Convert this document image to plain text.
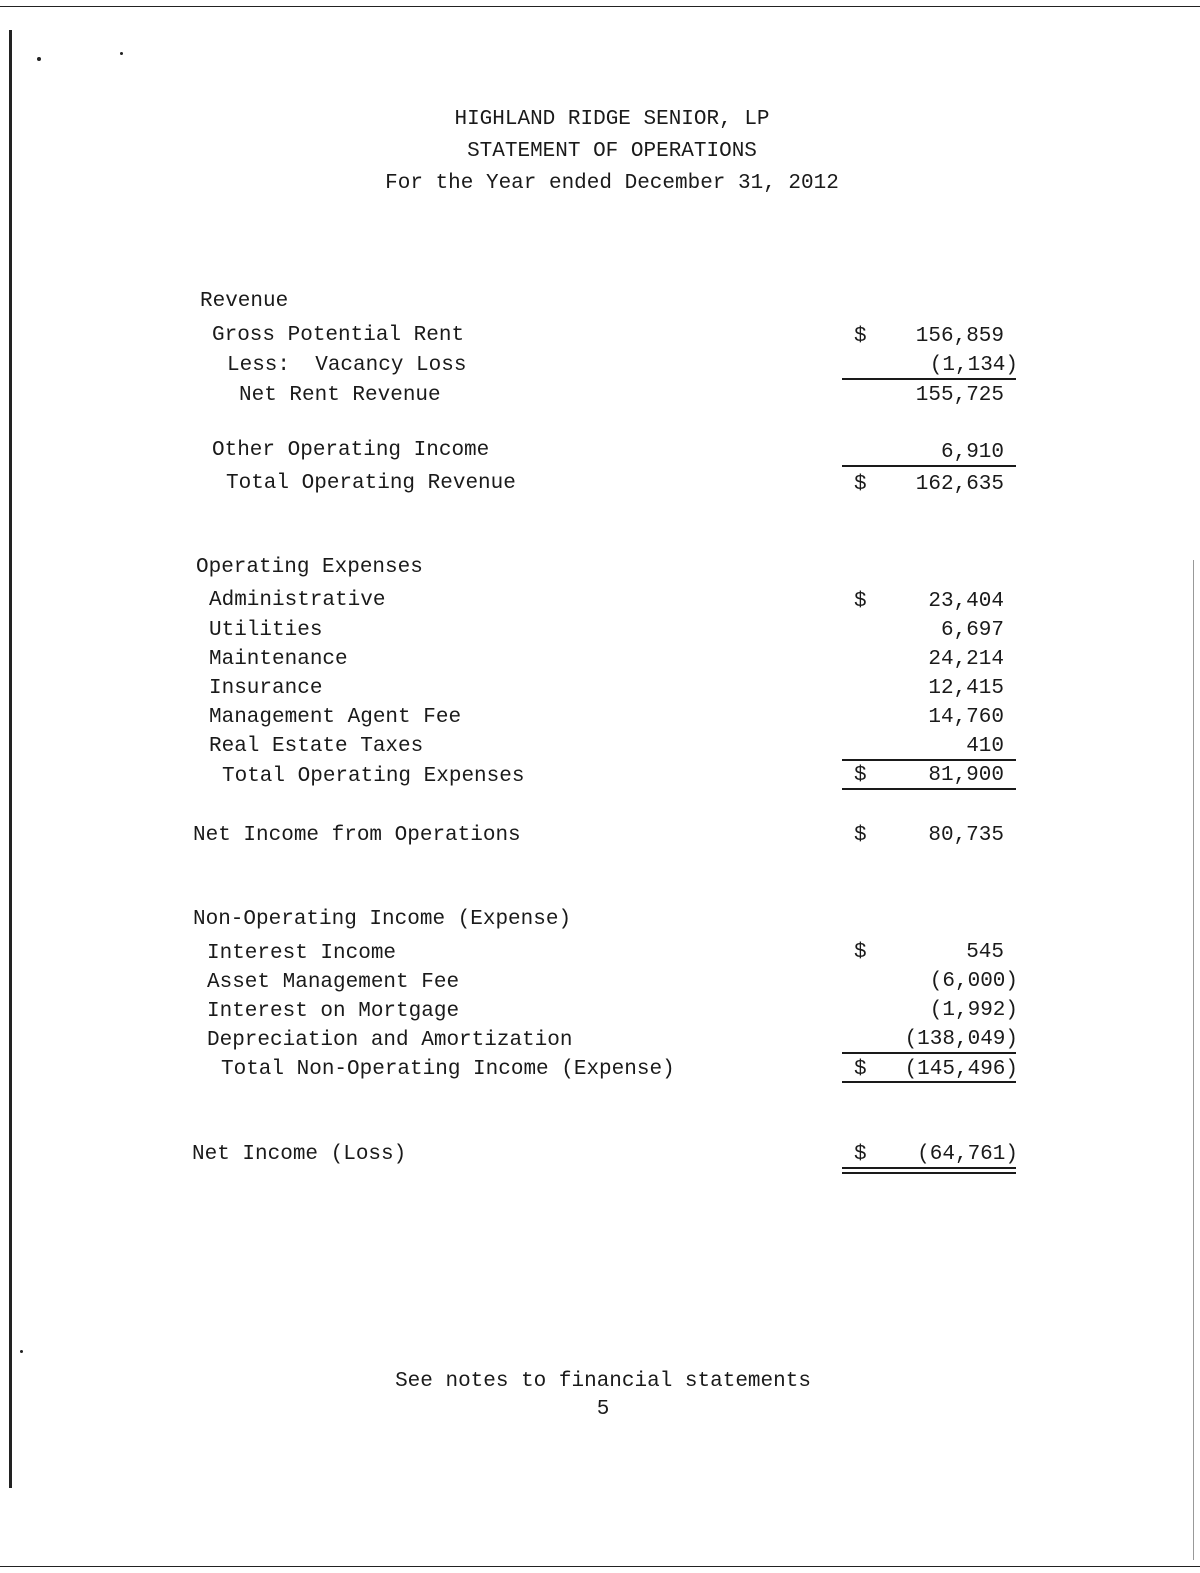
HIGHLAND RIDGE SENIOR, LP
STATEMENT OF OPERATIONS
For the Year ended December 31, 2012
Revenue
Gross Potential Rent	$ 156,859
Less:  Vacancy Loss	(1,134)
Net Rent Revenue	155,725
Other Operating Income	6,910
Total Operating Revenue	$ 162,635
Operating Expenses
Administrative	$	23,404
Utilities	6,697
Maintenance	24,214
Insurance	12,415
Management Agent Fee	14,760
Real Estate Taxes	410
Total Operating Expenses	$	81,900
Net Income from Operations	$	80,735
Non-Operating Income (Expense)
Interest Income	$	545
Asset Management Fee	(6,000)
Interest on Mortgage	(1,992)
Depreciation and Amortization	(138,049)
Total Non-Operating Income (Expense)	$ (145,496)
Net Income (Loss)	$ (64,761)
See notes to financial statements
5
